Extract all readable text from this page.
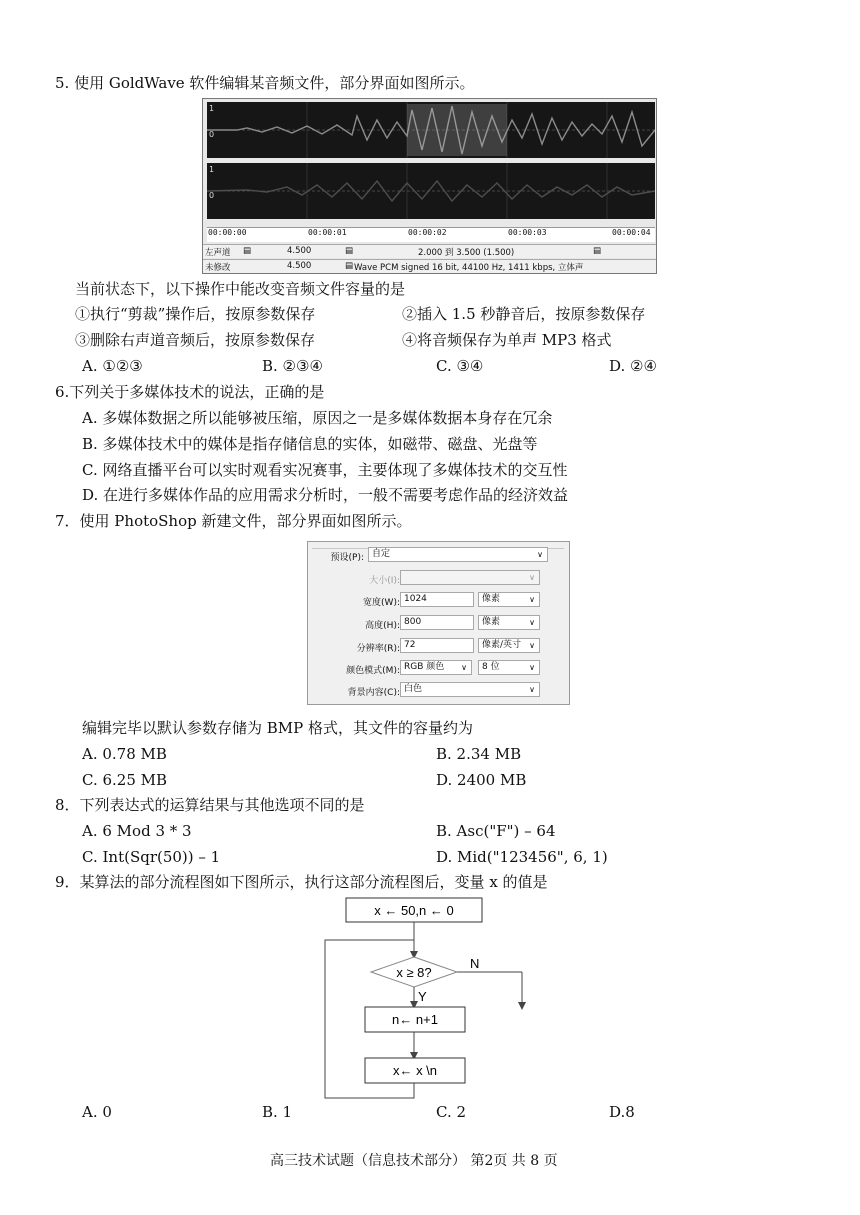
5. 使用 GoldWave 软件编辑某音频文件，部分界面如图所示。
1
0
1
0
00:00:00	00:00:01	00:00:02	00:00:03	00:00:04
左声道 ▤	4.500	▤	2.000 到 3.500 (1.500)	▤
未修改	4.500	▤ Wave PCM signed 16 bit, 44100 Hz, 1411 kbps, 立体声
当前状态下，以下操作中能改变音频文件容量的是
①执行“剪裁”操作后，按原参数保存	②插入 1.5 秒静音后，按原参数保存
③删除右声道音频后，按原参数保存	④将音频保存为单声 MP3 格式
A. ①②③	B. ②③④	C. ③④	D. ②④
6.下列关于多媒体技术的说法，正确的是
A. 多媒体数据之所以能够被压缩，原因之一是多媒体数据本身存在冗余
B. 多媒体技术中的媒体是指存储信息的实体，如磁带、磁盘、光盘等
C. 网络直播平台可以实时观看实况赛事，主要体现了多媒体技术的交互性
D. 在进行多媒体作品的应用需求分析时，一般不需要考虑作品的经济效益
7．使用 PhotoShop 新建文件，部分界面如图所示。
预设(P): 自定 ∨
大小(I):
∨
宽度(W): 1024	像素 ∨
高度(H): 800	像素 ∨
分辨率(R): 72	像素/英寸 ∨
颜色模式(M): RGB 颜色 ∨	8 位 ∨
背景内容(C): 白色 ∨
编辑完毕以默认参数存储为 BMP 格式，其文件的容量约为
A. 0.78 MB	B. 2.34 MB
C. 6.25 MB	D. 2400 MB
8．下列表达式的运算结果与其他选项不同的是
A. 6 Mod 3 * 3	B. Asc("F") – 64
C. Int(Sqr(50)) – 1	D. Mid("123456", 6, 1)
9．某算法的部分流程图如下图所示，执行这部分流程图后，变量 x 的值是
x ← 50,n ← 0
x ≥ 8?
N
Y
n← n+1
x← x \n
A. 0	B. 1	C. 2	D.8
高三技术试题（信息技术部分） 第2页 共 8 页
